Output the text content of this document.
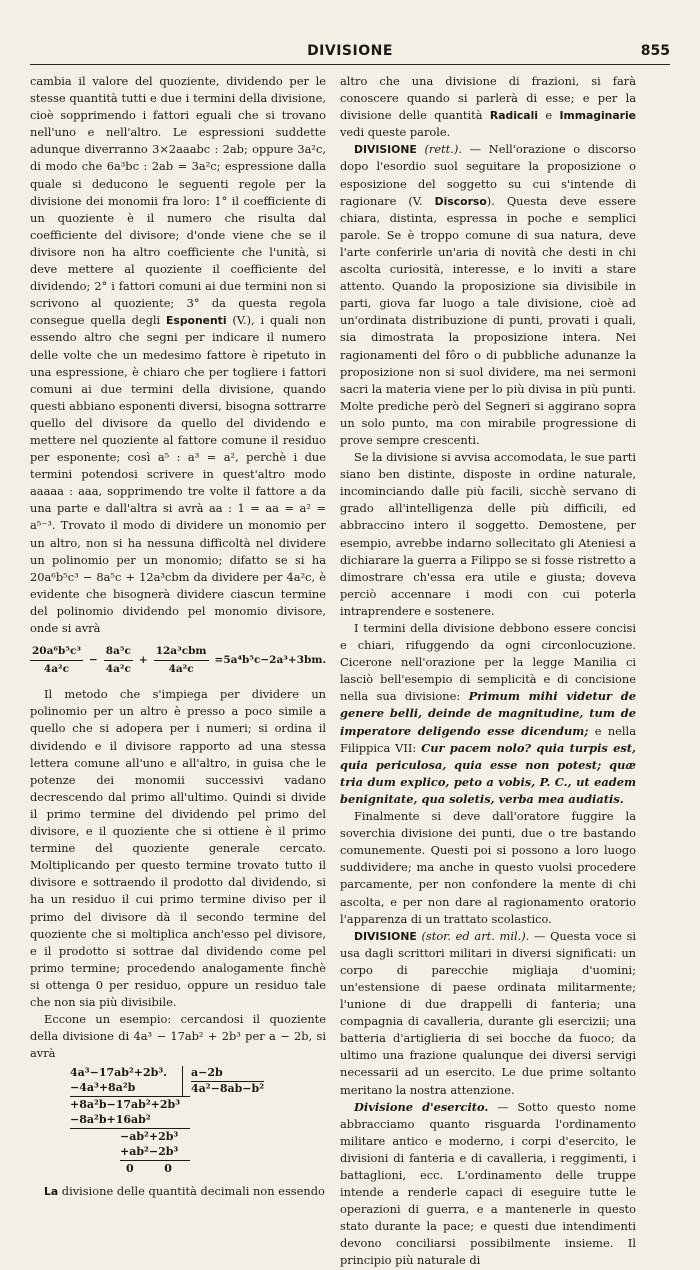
DIVISIONE	855

cambia il valore del quoziente, dividendo per le stesse quantità tutti e due i termini della divisione, cioè sopprimendo i fattori eguali che si trovano nell'uno e nell'altro. Le espressioni suddette adunque diverranno 3×2aaabc : 2ab; oppure 3a²c, di modo che 6a³bc : 2ab = 3a²c; espressione dalla quale si deducono le seguenti regole per la divisione dei monomii fra loro: 1° il coefficiente di un quoziente è il numero che risulta dal coefficiente del divisore; d'onde viene che se il divisore non ha altro coefficiente che l'unità, si deve mettere al quoziente il coefficiente del dividendo; 2° i fattori comuni ai due termini non si scrivono al quoziente; 3° da questa regola consegue quella degli Esponenti (V.), i quali non essendo altro che segni per indicare il numero delle volte che un medesimo fattore è ripetuto in una espressione, è chiaro che per togliere i fattori comuni ai due termini della divisione, quando questi abbiano esponenti diversi, bisogna sottrarre quello del divisore da quello del dividendo e mettere nel quoziente al fattore comune il residuo per esponente; così a⁵ : a³ = a², perchè i due termini potendosi scrivere in quest'altro modo aaaaa : aaa, sopprimendo tre volte il fattore a da una parte e dall'altra si avrà aa : 1 = aa = a² = a⁵⁻³. Trovato il modo di dividere un monomio per un altro, non si ha nessuna difficoltà nel dividere un polinomio per un monomio; difatto se si ha 20a⁶b⁵c³ − 8a⁵c + 12a³cbm da dividere per 4a²c, è evidente che bisognerà dividere ciascun termine del polinomio dividendo pel monomio divisore, onde si avrà

$\frac{\text{20a⁶b⁵c³}}{\text{4a²c}} - \frac{\text{8a⁵c}}{\text{4a²c}} + \frac{\text{12a³cbm}}{\text{4a²c}} =5a^4b^5c-2a^3+3bm$.

Il metodo che s'impiega per dividere un polinomio per un altro è presso a poco simile a quello che si adopera per i numeri; si ordina il dividendo e il divisore rapporto ad una stessa lettera comune all'uno e all'altro, in guisa che le potenze dei monomii successivi vadano decrescendo dal primo all'ultimo. Quindi si divide il primo termine del dividendo pel primo del divisore, e il quoziente che si ottiene è il primo termine del quoziente generale cercato. Moltiplicando per questo termine trovato tutto il divisore e sottraendo il prodotto dal dividendo, si ha un residuo il cui primo termine diviso per il primo del divisore dà il secondo termine del quoziente che si moltiplica anch'esso pel divisore, e il prodotto si sottrae dal dividendo come pel primo termine; procedendo analogamente finchè si ottenga 0 per residuo, oppure un residuo tale che non sia più divisibile.

Eccone un esempio: cercandosi il quoziente della divisione di 4a³ − 17ab² + 2b³ per a − 2b, si avrà

4a³−17ab²+2b³.
−4a³+8a²b
+8a²b−17ab²+2b³
−8a²b+16ab²
−ab²+2b³
+ab²−2b³
0        0
a−2b
4a²−8ab−b²

La divisione delle quantità decimali non essendo

altro che una divisione di frazioni, si farà conoscere quando si parlerà di esse; e per la divisione delle quantità Radicali e Immaginarie vedi queste parole.

DIVISIONE (rett.). — Nell'orazione o discorso dopo l'esordio suol seguitare la proposizione o esposizione del soggetto su cui s'intende di ragionare (V. Discorso). Questa deve essere chiara, distinta, espressa in poche e semplici parole. Se è troppo comune di sua natura, deve l'arte conferirle un'aria di novità che desti in chi ascolta curiosità, interesse, e lo inviti a stare attento. Quando la proposizione sia divisibile in parti, giova far luogo a tale divisione, cioè ad un'ordinata distribuzione di punti, provati i quali, sia dimostrata la proposizione intera. Nei ragionamenti del fôro o di pubbliche adunanze la proposizione non si suol dividere, ma nei sermoni sacri la materia viene per lo più divisa in più punti. Molte prediche però del Segneri si aggirano sopra un solo punto, ma con mirabile progressione di prove sempre crescenti.

Se la divisione si avvisa accomodata, le sue parti siano ben distinte, disposte in ordine naturale, incominciando dalle più facili, sicchè servano di grado all'intelligenza delle più difficili, ed abbraccino intero il soggetto. Demostene, per esempio, avrebbe indarno sollecitato gli Ateniesi a dichiarare la guerra a Filippo se si fosse ristretto a dimostrare ch'essa era utile e giusta; doveva perciò accennare i modi con cui poterla intraprendere e sostenere.

I termini della divisione debbono essere concisi e chiari, rifuggendo da ogni circonlocuzione. Cicerone nell'orazione per la legge Manilia ci lasciò bell'esempio di semplicità e di concisione nella sua divisione: Primum mihi videtur de genere belli, deinde de magnitudine, tum de imperatore deligendo esse dicendum; e nella Filippica VII: Cur pacem nolo? quia turpis est, quia periculosa, quia esse non potest; quæ tria dum explico, peto a vobis, P. C., ut eadem benignitate, qua soletis, verba mea audiatis.

Finalmente si deve dall'oratore fuggire la soverchia divisione dei punti, due o tre bastando comunemente. Questi poi si possono a loro luogo suddividere; ma anche in questo vuolsi procedere parcamente, per non confondere la mente di chi ascolta, e per non dare al ragionamento oratorio l'apparenza di un trattato scolastico.

DIVISIONE (stor. ed art. mil.). — Questa voce si usa dagli scrittori militari in diversi significati: un corpo di parecchie migliaja d'uomini; un'estensione di paese ordinata militarmente; l'unione di due drappelli di fanteria; una compagnia di cavalleria, durante gli esercizii; una batteria d'artiglieria di sei bocche da fuoco; da ultimo una frazione qualunque dei diversi servigi necessarii ad un esercito. Le due prime soltanto meritano la nostra attenzione.

Divisione d'esercito. — Sotto questo nome abbracciamo quanto risguarda l'ordinamento militare antico e moderno, i corpi d'esercito, le divisioni di fanteria e di cavalleria, i reggimenti, i battaglioni, ecc. L'ordinamento delle truppe intende a renderle capaci di eseguire tutte le operazioni di guerra, e a mantenerle in questo stato durante la pace; e questi due intendimenti devono conciliarsi possibilmente insieme. Il principio più naturale di
